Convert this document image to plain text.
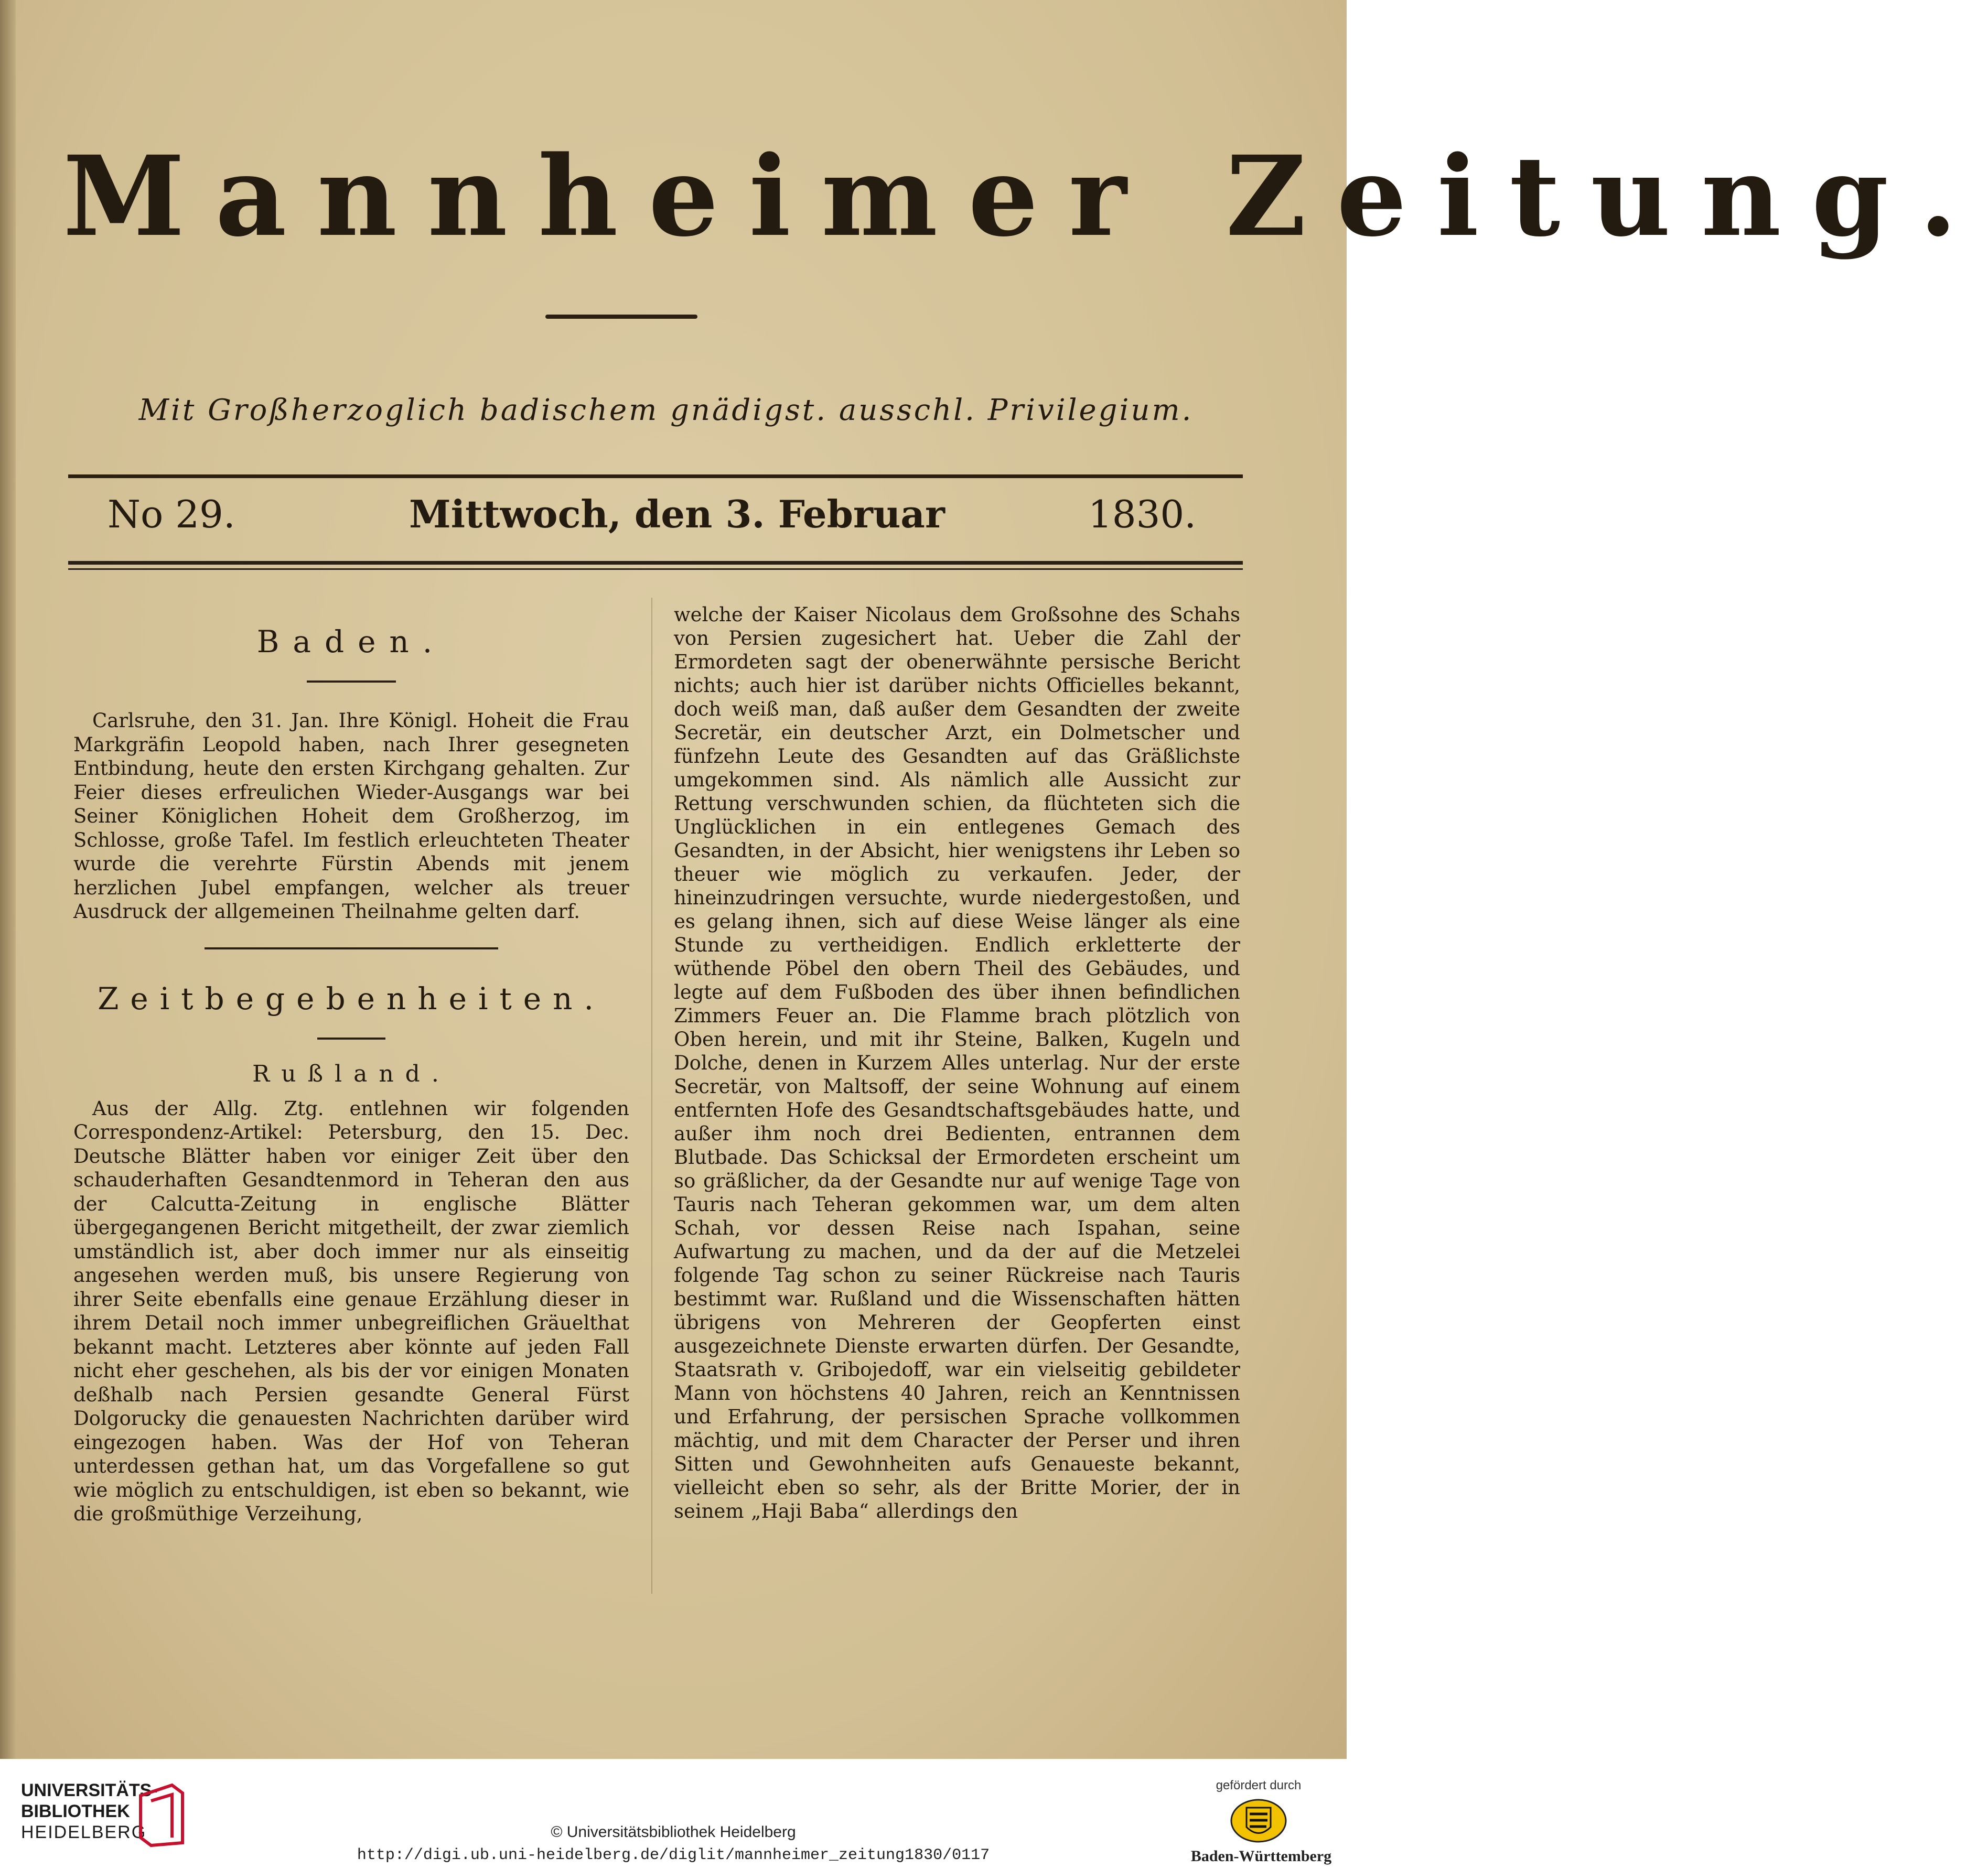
Mannheimer Zeitung.
Mit Großherzoglich badischem gnädigst. ausschl. Privilegium.
No 29.	Mittwoch, den 3. Februar	1830.
Baden.

Carlsruhe, den 31. Jan. Ihre Königl. Hoheit die Frau Markgräfin Leopold haben, nach Ihrer gesegneten Entbindung, heute den ersten Kirchgang gehalten. Zur Feier dieses erfreulichen Wieder-Ausgangs war bei Seiner Königlichen Hoheit dem Großherzog, im Schlosse, große Tafel. Im festlich erleuchteten Theater wurde die verehrte Fürstin Abends mit jenem herzlichen Jubel empfangen, welcher als treuer Ausdruck der allgemeinen Theilnahme gelten darf.

Zeitbegebenheiten.
Rußland.

Aus der Allg. Ztg. entlehnen wir folgenden Correspondenz-Artikel: Petersburg, den 15. Dec. Deutsche Blätter haben vor einiger Zeit über den schauderhaften Gesandtenmord in Teheran den aus der Calcutta-Zeitung in englische Blätter übergegangenen Bericht mitgetheilt, der zwar ziemlich umständlich ist, aber doch immer nur als einseitig angesehen werden muß, bis unsere Regierung von ihrer Seite ebenfalls eine genaue Erzählung dieser in ihrem Detail noch immer unbegreiflichen Gräuelthat bekannt macht. Letzteres aber könnte auf jeden Fall nicht eher geschehen, als bis der vor einigen Monaten deßhalb nach Persien gesandte General Fürst Dolgorucky die genauesten Nachrichten darüber wird eingezogen haben. Was der Hof von Teheran unterdessen gethan hat, um das Vorgefallene so gut wie möglich zu entschuldigen, ist eben so bekannt, wie die großmüthige Verzeihung,

welche der Kaiser Nicolaus dem Großsohne des Schahs von Persien zugesichert hat. Ueber die Zahl der Ermordeten sagt der obenerwähnte persische Bericht nichts; auch hier ist darüber nichts Officielles bekannt, doch weiß man, daß außer dem Gesandten der zweite Secretär, ein deutscher Arzt, ein Dolmetscher und fünfzehn Leute des Gesandten auf das Gräßlichste umgekommen sind. Als nämlich alle Aussicht zur Rettung verschwunden schien, da flüchteten sich die Unglücklichen in ein entlegenes Gemach des Gesandten, in der Absicht, hier wenigstens ihr Leben so theuer wie möglich zu verkaufen. Jeder, der hineinzudringen versuchte, wurde niedergestoßen, und es gelang ihnen, sich auf diese Weise länger als eine Stunde zu vertheidigen. Endlich erkletterte der wüthende Pöbel den obern Theil des Gebäudes, und legte auf dem Fußboden des über ihnen befindlichen Zimmers Feuer an. Die Flamme brach plötzlich von Oben herein, und mit ihr Steine, Balken, Kugeln und Dolche, denen in Kurzem Alles unterlag. Nur der erste Secretär, von Maltsoff, der seine Wohnung auf einem entfernten Hofe des Gesandtschaftsgebäudes hatte, und außer ihm noch drei Bedienten, entrannen dem Blutbade. Das Schicksal der Ermordeten erscheint um so gräßlicher, da der Gesandte nur auf wenige Tage von Tauris nach Teheran gekommen war, um dem alten Schah, vor dessen Reise nach Ispahan, seine Aufwartung zu machen, und da der auf die Metzelei folgende Tag schon zu seiner Rückreise nach Tauris bestimmt war. Rußland und die Wissenschaften hätten übrigens von Mehreren der Geopferten einst ausgezeichnete Dienste erwarten dürfen. Der Gesandte, Staatsrath v. Gribojedoff, war ein vielseitig gebildeter Mann von höchstens 40 Jahren, reich an Kenntnissen und Erfahrung, der persischen Sprache vollkommen mächtig, und mit dem Character der Perser und ihren Sitten und Gewohnheiten aufs Genaueste bekannt, vielleicht eben so sehr, als der Britte Morier, der in seinem „Haji Baba“ allerdings den

UNIVERSITÄTS-
BIBLIOTHEK
HEIDELBERG	© Universitätsbibliothek Heidelberg
http://digi.ub.uni-heidelberg.de/diglit/mannheimer_zeitung1830/0117
gefördert durch
Baden-Württemberg
